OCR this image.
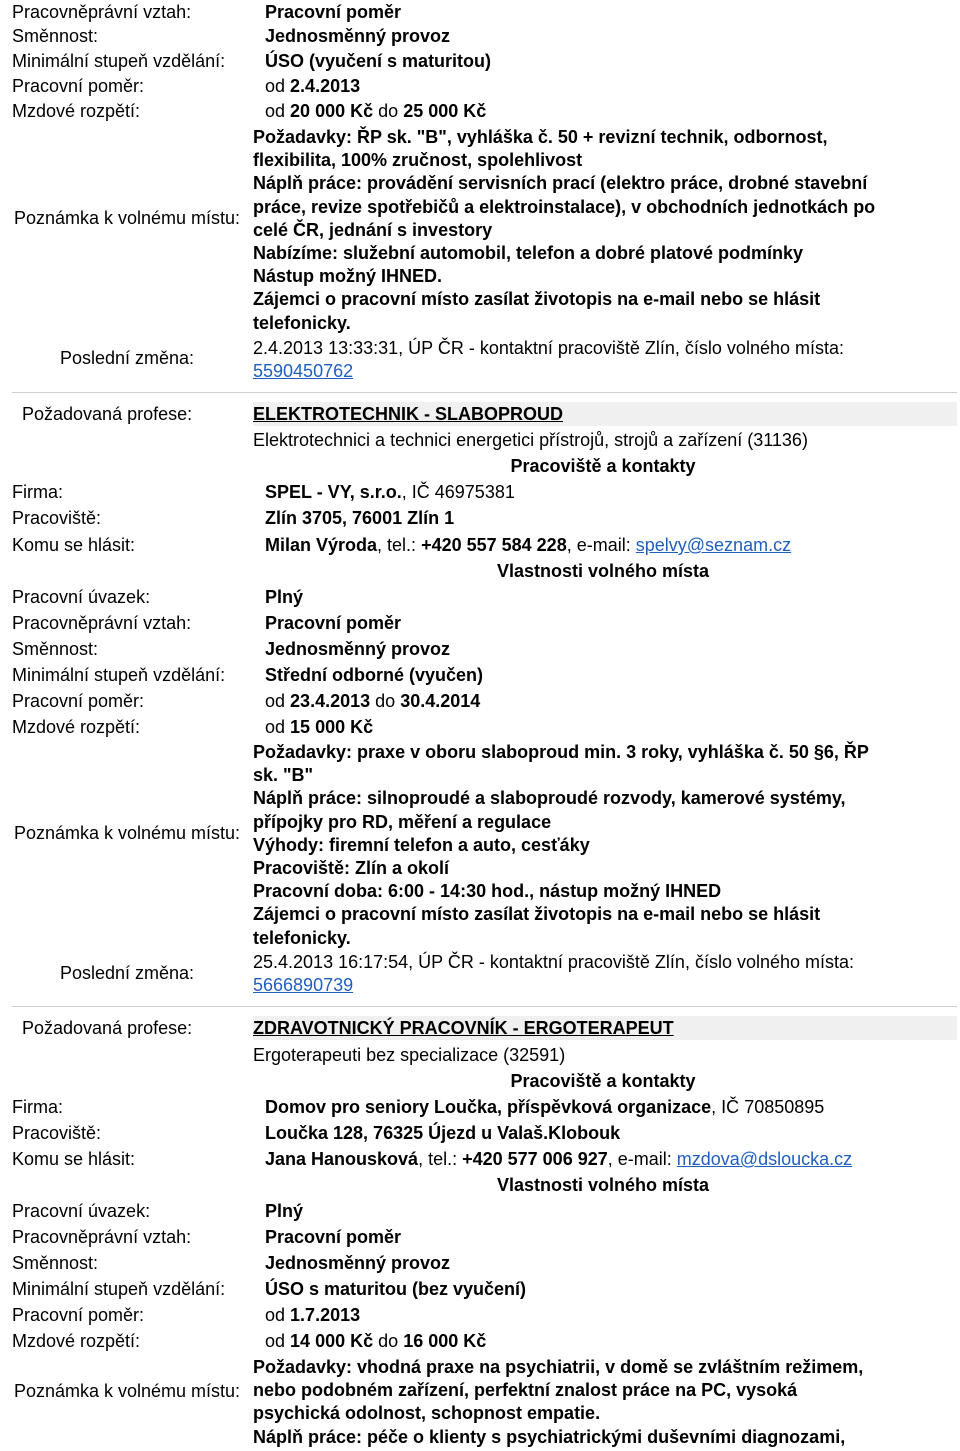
Pracovněprávní vztah:	Pracovní poměr
Směnnost:	Jednosměnný provoz
Minimální stupeň vzdělání: ÚSO (vyučení s maturitou)
Pracovní poměr:	od 2.4.2013
Mzdové rozpětí:	od 20 000 Kč do 25 000 Kč
Poznámka k volnému místu:
Požadavky: ŘP sk. "B", vyhláška č. 50 + revizní technik, odbornost,
flexibilita, 100% zručnost, spolehlivost
Náplň práce: provádění servisních prací (elektro práce, drobné stavební
práce, revize spotřebičů a elektroinstalace), v obchodních jednotkách po
celé ČR, jednání s investory
Nabízíme: služební automobil, telefon a dobré platové podmínky
Nástup možný IHNED.
Zájemci o pracovní místo zasílat životopis na e-mail nebo se hlásit
telefonicky.
Poslední změna:	2.4.2013 13:33:31, ÚP ČR - kontaktní pracoviště Zlín, číslo volného místa:
5590450762
Požadovaná profese:	ELEKTROTECHNIK - SLABOPROUD
Elektrotechnici a technici energetici přístrojů, strojů a zařízení (31136)
Pracoviště a kontakty
Firma:	SPEL - VY, s.r.o., IČ 46975381
Pracoviště:	Zlín 3705, 76001 Zlín 1
Komu se hlásit:	Milan Výroda, tel.: +420 557 584 228, e-mail: spelvy@seznam.cz
Vlastnosti volného místa
Pracovní úvazek:	Plný
Pracovněprávní vztah:	Pracovní poměr
Směnnost:	Jednosměnný provoz
Minimální stupeň vzdělání: Střední odborné (vyučen)
Pracovní poměr:	od 23.4.2013 do 30.4.2014
Mzdové rozpětí:	od 15 000 Kč
Poznámka k volnému místu:
Požadavky: praxe v oboru slaboproud min. 3 roky, vyhláška č. 50 §6, ŘP
sk. "B"
Náplň práce: silnoproudé a slaboproudé rozvody, kamerové systémy,
přípojky pro RD, měření a regulace
Výhody: firemní telefon a auto, cesťáky
Pracoviště: Zlín a okolí
Pracovní doba: 6:00 - 14:30 hod., nástup možný IHNED
Zájemci o pracovní místo zasílat životopis na e-mail nebo se hlásit
telefonicky.
Poslední změna:
25.4.2013 16:17:54, ÚP ČR - kontaktní pracoviště Zlín, číslo volného místa:
5666890739
Požadovaná profese:	ZDRAVOTNICKÝ PRACOVNÍK - ERGOTERAPEUT
Ergoterapeuti bez specializace (32591)
Pracoviště a kontakty
Firma:	Domov pro seniory Loučka, příspěvková organizace, IČ 70850895
Pracoviště:	Loučka 128, 76325 Újezd u Valaš.Klobouk
Komu se hlásit:	Jana Hanousková, tel.: +420 577 006 927, e-mail: mzdova@dsloucka.cz
Vlastnosti volného místa
Pracovní úvazek:	Plný
Pracovněprávní vztah:	Pracovní poměr
Směnnost:	Jednosměnný provoz
Minimální stupeň vzdělání: ÚSO s maturitou (bez vyučení)
Pracovní poměr:	od 1.7.2013
Mzdové rozpětí:	od 14 000 Kč do 16 000 Kč
Poznámka k volnému místu:
Požadavky: vhodná praxe na psychiatrii, v domě se zvláštním režimem,
nebo podobném zařízení, perfektní znalost práce na PC, vysoká
psychická odolnost, schopnost empatie.
Náplň práce: péče o klienty s psychiatrickými duševními diagnozami,
